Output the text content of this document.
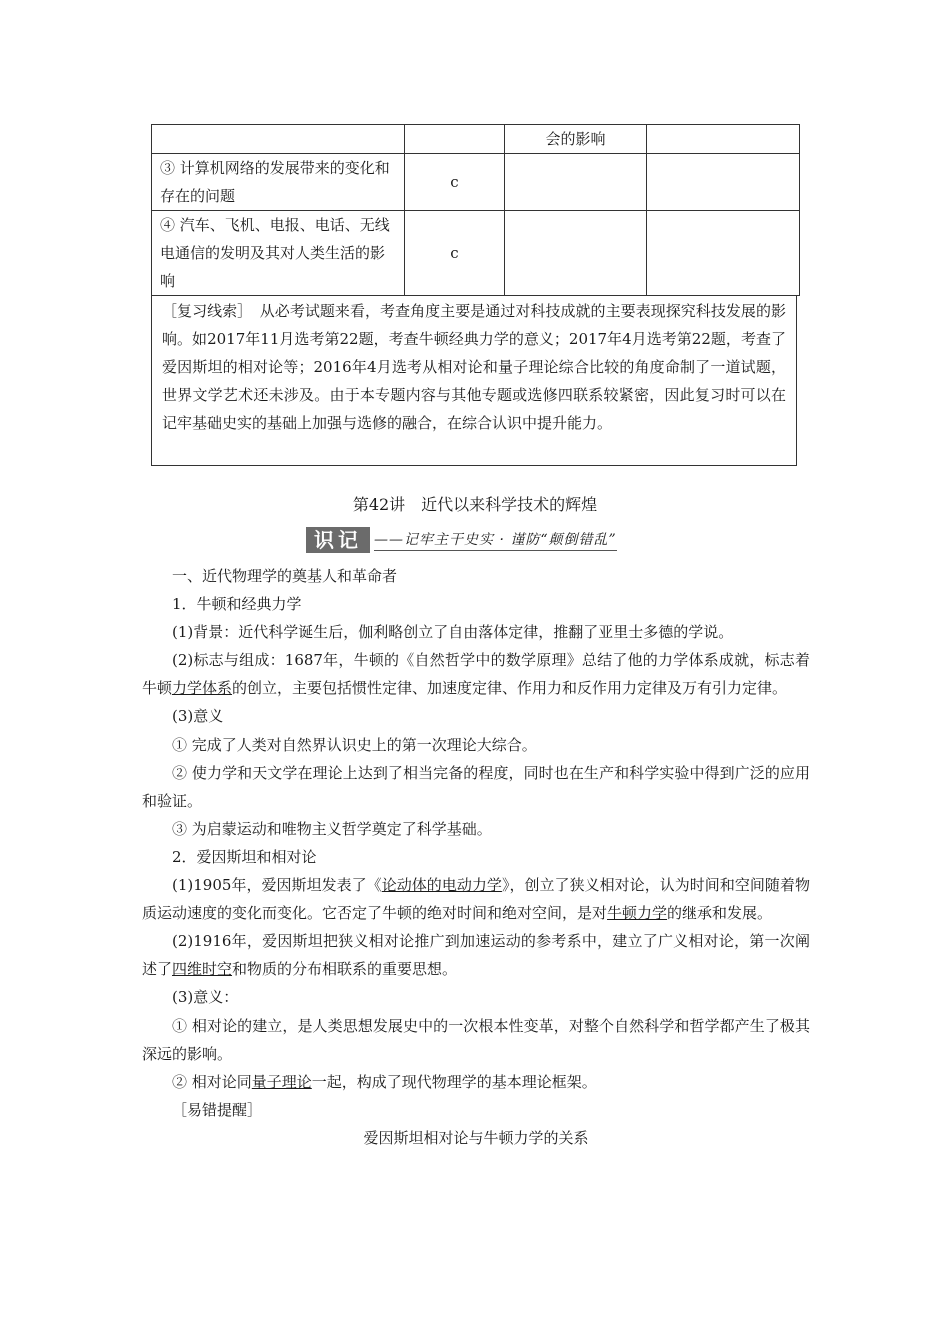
		会的影响	
③ 计算机网络的发展带来的变化和存在的问题	c		
④ 汽车、飞机、电报、电话、无线电通信的发明及其对人类生活的影响	c		
［复习线索］　从必考试题来看，考查角度主要是通过对科技成就的主要表现探究科技发展的影响。如2017年11月选考第22题，考查牛顿经典力学的意义；2017年4月选考第22题，考查了爱因斯坦的相对论等；2016年4月选考从相对论和量子理论综合比较的角度命制了一道试题，世界文学艺术还未涉及。由于本专题内容与其他专题或选修四联系较紧密，因此复习时可以在记牢基础史实的基础上加强与选修的融合，在综合认识中提升能力。
第42讲　近代以来科学技术的辉煌
识记 ——记牢主干史实 · 谨防“颠倒错乱”

一、近代物理学的奠基人和革命者

1．牛顿和经典力学

(1)背景：近代科学诞生后，伽利略创立了自由落体定律，推翻了亚里士多德的学说。

(2)标志与组成：1687年，牛顿的《自然哲学中的数学原理》总结了他的力学体系成就，标志着牛顿力学体系的创立，主要包括惯性定律、加速度定律、作用力和反作用力定律及万有引力定律。

(3)意义

① 完成了人类对自然界认识史上的第一次理论大综合。

② 使力学和天文学在理论上达到了相当完备的程度，同时也在生产和科学实验中得到广泛的应用和验证。

③ 为启蒙运动和唯物主义哲学奠定了科学基础。

2．爱因斯坦和相对论

(1)1905年，爱因斯坦发表了《论动体的电动力学》，创立了狭义相对论，认为时间和空间随着物质运动速度的变化而变化。它否定了牛顿的绝对时间和绝对空间，是对牛顿力学的继承和发展。

(2)1916年，爱因斯坦把狭义相对论推广到加速运动的参考系中，建立了广义相对论，第一次阐述了四维时空和物质的分布相联系的重要思想。

(3)意义：

① 相对论的建立，是人类思想发展史中的一次根本性变革，对整个自然科学和哲学都产生了极其深远的影响。

② 相对论同量子理论一起，构成了现代物理学的基本理论框架。

［易错提醒］

爱因斯坦相对论与牛顿力学的关系
